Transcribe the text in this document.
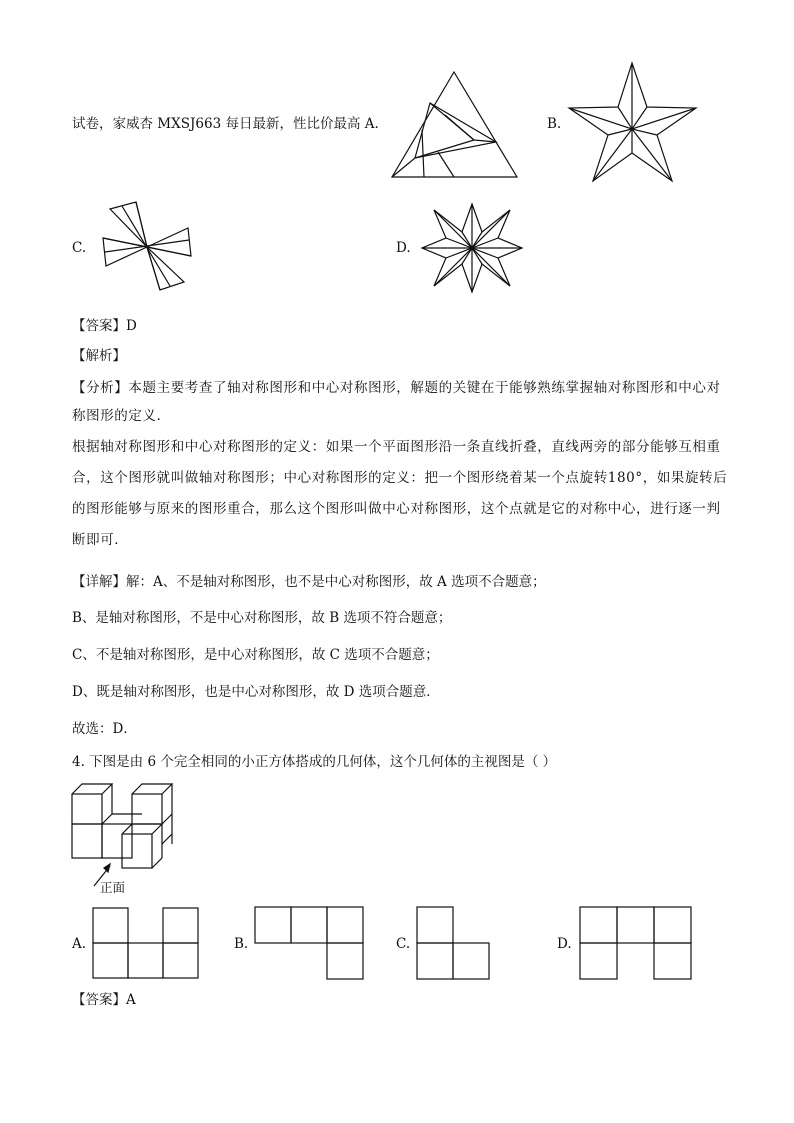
试卷，家威杏 MXSJ663 每日最新，性比价最高 A.	B.
C.	D.
【答案】D
【解析】
【分析】本题主要考查了轴对称图形和中心对称图形，解题的关键在于能够熟练掌握轴对称图形和中心对称图形的定义．
根据轴对称图形和中心对称图形的定义：如果一个平面图形沿一条直线折叠，直线两旁的部分能够互相重合，这个图形就叫做轴对称图形；中心对称图形的定义：把一个图形绕着某一个点旋转180°，如果旋转后的图形能够与原来的图形重合，那么这个图形叫做中心对称图形，这个点就是它的对称中心，进行逐一判断即可．
【详解】解：A、不是轴对称图形，也不是中心对称图形，故 A 选项不合题意；
B、是轴对称图形，不是中心对称图形，故 B 选项不符合题意；
C、不是轴对称图形，是中心对称图形，故 C 选项不合题意；
D、既是轴对称图形，也是中心对称图形，故 D 选项合题意．
故选：D．
4. 下图是由 6 个完全相同的小正方体搭成的几何体，这个几何体的主视图是（ ）
正面
A.	B.	C.	D.
【答案】A
